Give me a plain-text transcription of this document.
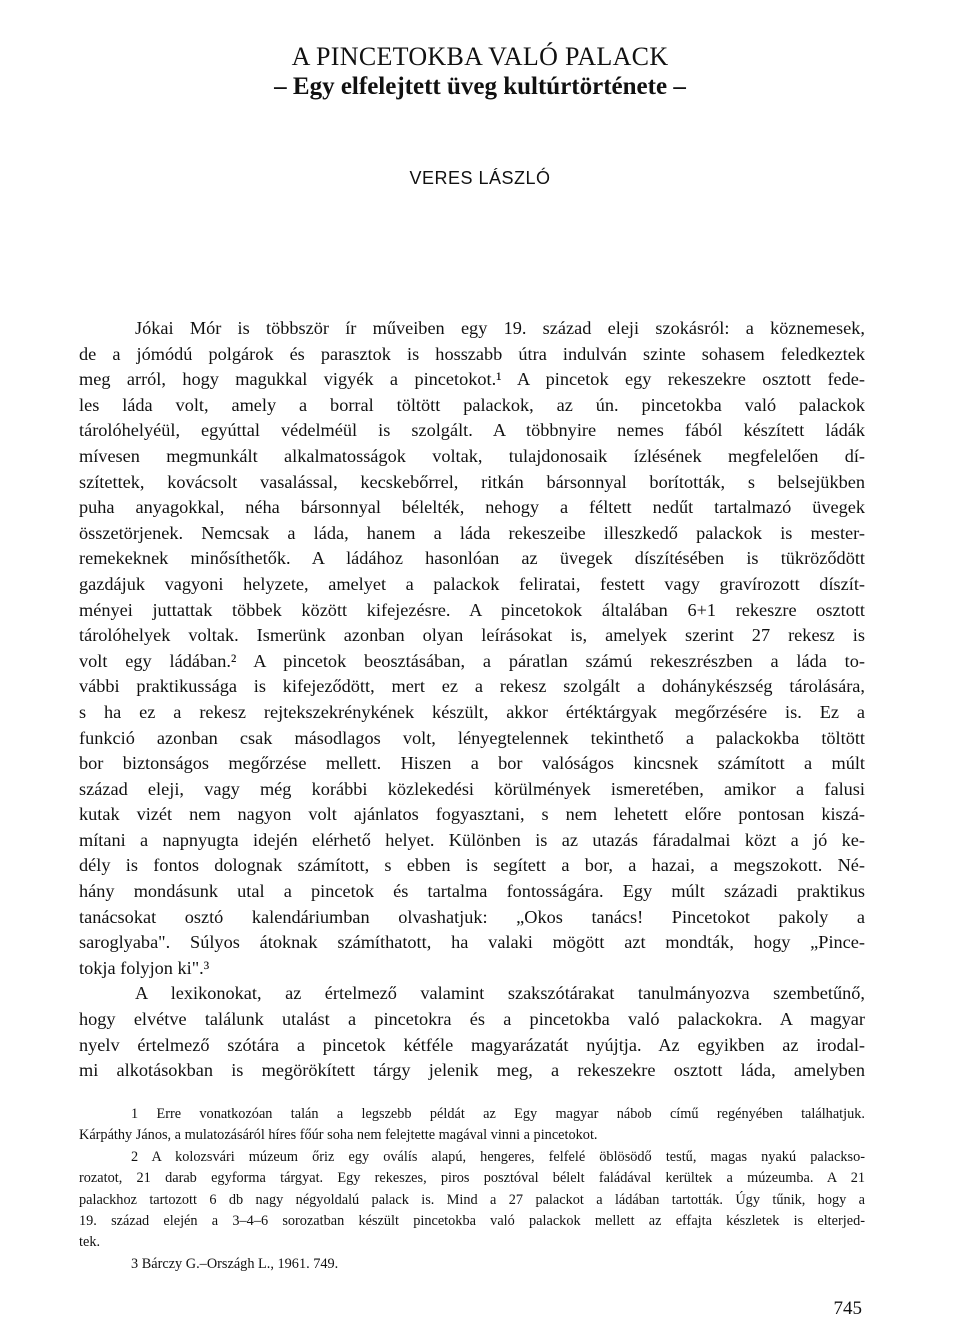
A PINCETOKBA VALÓ PALACK
– Egy elfelejtett üveg kultúrtörténete –
VERES LÁSZLÓ
Jókai Mór is többször ír műveiben egy 19. század eleji szokásról: a köznemesek,
de a jómódú polgárok és parasztok is hosszabb útra indulván szinte sohasem feledkeztek
meg arról, hogy magukkal vigyék a pincetokot.¹ A pincetok egy rekeszekre osztott fede-
les láda volt, amely a borral töltött palackok, az ún. pincetokba való palackok
tárolóhelyéül, egyúttal védelméül is szolgált. A többnyire nemes fából készített ládák
mívesen megmunkált alkalmatosságok voltak, tulajdonosaik ízlésének megfelelően dí-
szítettek, kovácsolt vasalással, kecskebőrrel, ritkán bársonnyal borították, s belsejükben
puha anyagokkal, néha bársonnyal bélelték, nehogy a féltett nedűt tartalmazó üvegek
összetörjenek. Nemcsak a láda, hanem a láda rekeszeibe illeszkedő palackok is mester-
remekeknek minősíthetők. A ládához hasonlóan az üvegek díszítésében is tükröződött
gazdájuk vagyoni helyzete, amelyet a palackok feliratai, festett vagy gravírozott díszít-
ményei juttattak többek között kifejezésre. A pincetokok általában 6+1 rekeszre osztott
tárolóhelyek voltak. Ismerünk azonban olyan leírásokat is, amelyek szerint 27 rekesz is
volt egy ládában.² A pincetok beosztásában, a páratlan számú rekeszrészben a láda to-
vábbi praktikussága is kifejeződött, mert ez a rekesz szolgált a dohánykészség tárolására,
s ha ez a rekesz rejtekszekrénykének készült, akkor értéktárgyak megőrzésére is. Ez a
funkció azonban csak másodlagos volt, lényegtelennek tekinthető a palackokba töltött
bor biztonságos megőrzése mellett. Hiszen a bor valóságos kincsnek számított a múlt
század eleji, vagy még korábbi közlekedési körülmények ismeretében, amikor a falusi
kutak vizét nem nagyon volt ajánlatos fogyasztani, s nem lehetett előre pontosan kiszá-
mítani a napnyugta idején elérhető helyet. Különben is az utazás fáradalmai közt a jó ke-
dély is fontos dolognak számított, s ebben is segített a bor, a hazai, a megszokott. Né-
hány mondásunk utal a pincetok és tartalma fontosságára. Egy múlt századi praktikus
tanácsokat osztó kalendáriumban olvashatjuk: „Okos tanács! Pincetokot pakoly a
saroglyaba". Súlyos átoknak számíthatott, ha valaki mögött azt mondták, hogy „Pince-
tokja folyjon ki".³
A lexikonokat, az értelmező valamint szakszótárakat tanulmányozva szembetűnő,
hogy elvétve találunk utalást a pincetokra és a pincetokba való palackokra. A magyar
nyelv értelmező szótára a pincetok kétféle magyarázatát nyújtja. Az egyikben az irodal-
mi alkotásokban is megörökített tárgy jelenik meg, a rekeszekre osztott láda, amelyben
1 Erre vonatkozóan talán a legszebb példát az Egy magyar nábob című regényében találhatjuk.
Kárpáthy János, a mulatozásáról híres főúr soha nem felejtette magával vinni a pincetokot.
2 A kolozsvári múzeum őriz egy oválís alapú, hengeres, felfelé öblösödő testű, magas nyakú palackso-
rozatot, 21 darab egyforma tárgyat. Egy rekeszes, piros posztóval bélelt faládával kerültek a múzeumba. A 21
palackhoz tartozott 6 db nagy négyoldalú palack is. Mind a 27 palackot a ládában tartották. Úgy tűnik, hogy a
19. század elején a 3–4–6 sorozatban készült pincetokba való palackok mellett az effajta készletek is elterjed-
tek.
3 Bárczy G.–Országh L., 1961. 749.
745
